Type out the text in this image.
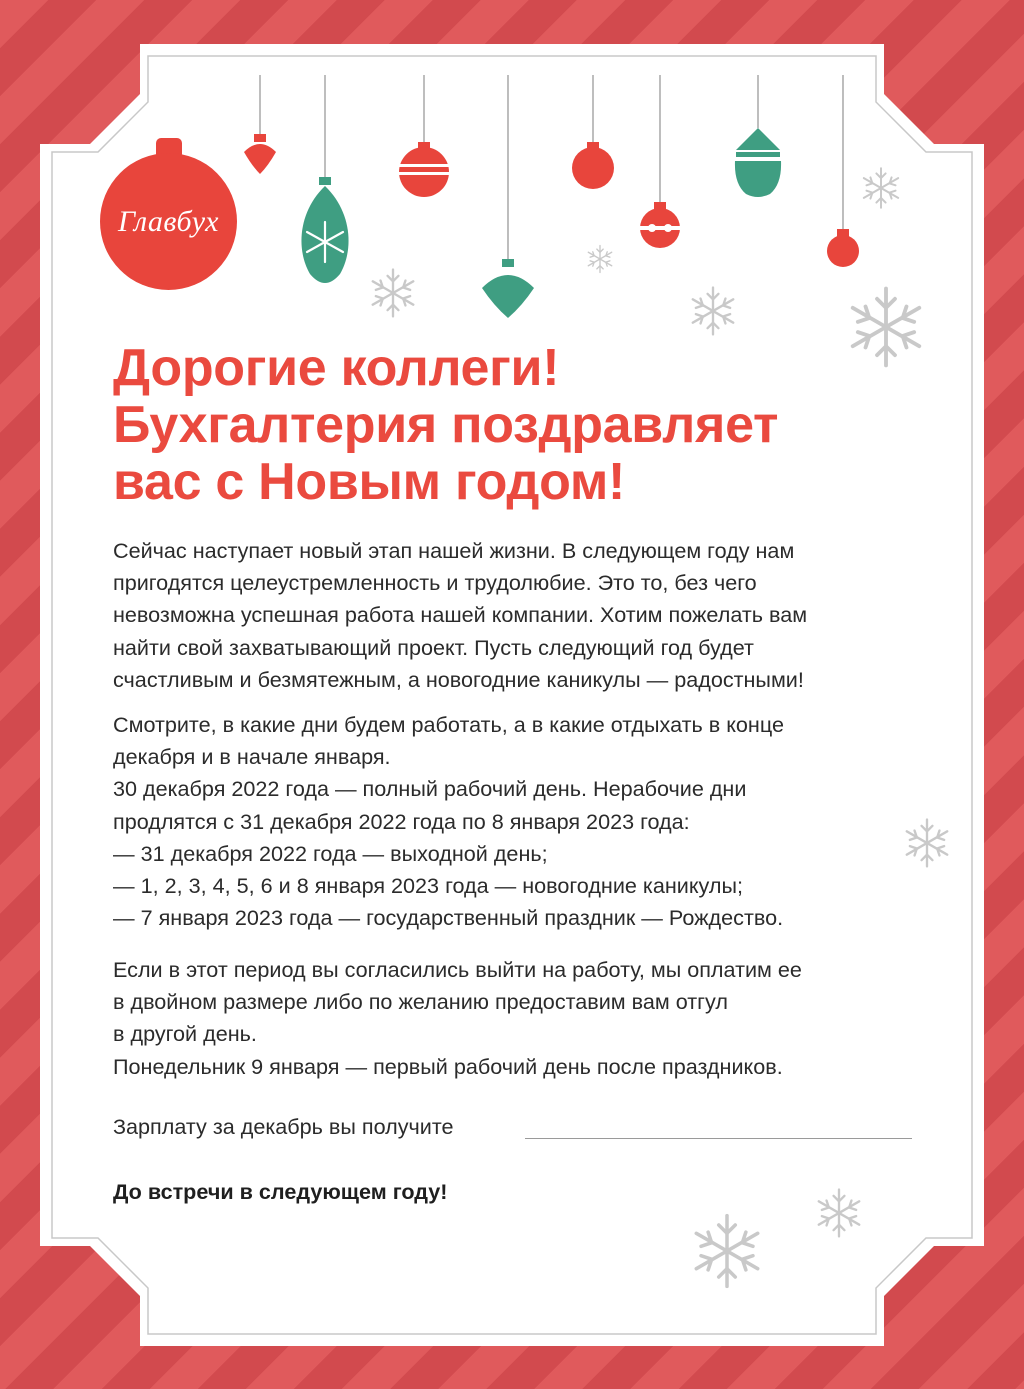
Главбух
Дорогие коллеги!
Бухгалтерия поздравляет
вас с Новым годом!

Сейчас наступает новый этап нашей жизни. В следующем году нам
пригодятся целеустремленность и трудолюбие. Это то, без чего
невозможна успешная работа нашей компании. Хотим пожелать вам
найти свой захватывающий проект. Пусть следующий год будет
счастливым и безмятежным, а новогодние каникулы — радостными!

Смотрите, в какие дни будем работать, а в какие отдыхать в конце
декабря и в начале января.
30 декабря 2022 года — полный рабочий день. Нерабочие дни
продлятся с 31 декабря 2022 года по 8 января 2023 года:
— 31 декабря 2022 года — выходной день;
— 1, 2, 3, 4, 5, 6 и 8 января 2023 года — новогодние каникулы;
— 7 января 2023 года — государственный праздник — Рождество.

Если в этот период вы согласились выйти на работу, мы оплатим ее
в двойном размере либо по желанию предоставим вам отгул
в другой день.
Понедельник 9 января — первый рабочий день после праздников.

Зарплату за декабрь вы получите
До встречи в следующем году!
